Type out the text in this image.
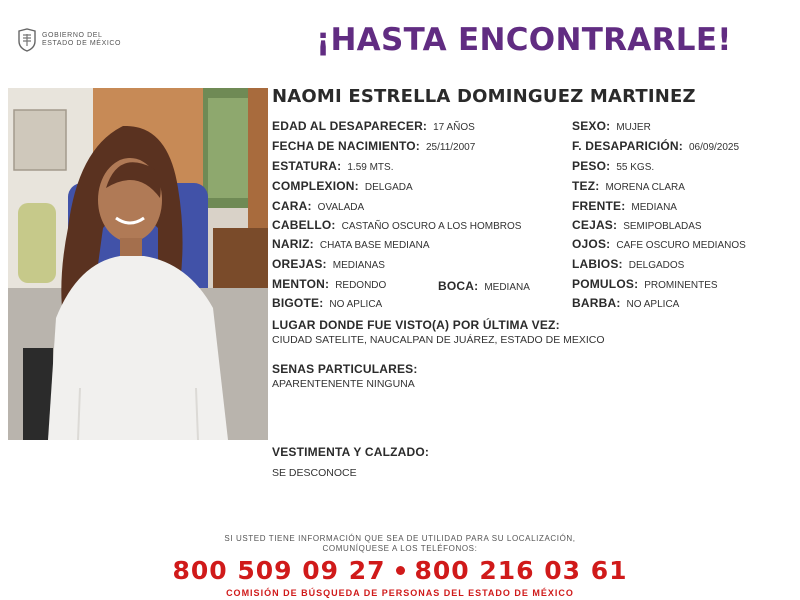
GOBIERNO DEL
ESTADO DE MÉXICO	¡HASTA ENCONTRARLE!
NAOMI ESTRELLA DOMINGUEZ MARTINEZ
EDAD AL DESAPARECER: 17 AÑOS	SEXO: MUJER
FECHA DE NACIMIENTO: 25/11/2007	F. DESAPARICIÓN: 06/09/2025
ESTATURA: 1.59 MTS.	PESO: 55 KGS.
COMPLEXION: DELGADA	TEZ: MORENA CLARA
CARA: OVALADA	FRENTE: MEDIANA
CABELLO: CASTAÑO OSCURO A LOS HOMBROS	CEJAS: SEMIPOBLADAS
NARIZ: CHATA BASE MEDIANA	OJOS: CAFE OSCURO MEDIANOS
OREJAS: MEDIANAS	LABIOS: DELGADOS
MENTON: REDONDO	BOCA: MEDIANA	POMULOS: PROMINENTES
BIGOTE: NO APLICA	BARBA: NO APLICA
LUGAR DONDE FUE VISTO(A) POR ÚLTIMA VEZ:
CIUDAD SATELITE, NAUCALPAN DE JUÁREZ, ESTADO DE MEXICO
SENAS PARTICULARES:
APARENTENENTE NINGUNA
VESTIMENTA Y CALZADO:
SE DESCONOCE
SI USTED TIENE INFORMACIÓN QUE SEA DE UTILIDAD PARA SU LOCALIZACIÓN,
COMUNÍQUESE A LOS TELÉFONOS:
800 509 09 27 800 216 03 61
COMISIÓN DE BÚSQUEDA DE PERSONAS DEL ESTADO DE MÉXICO
